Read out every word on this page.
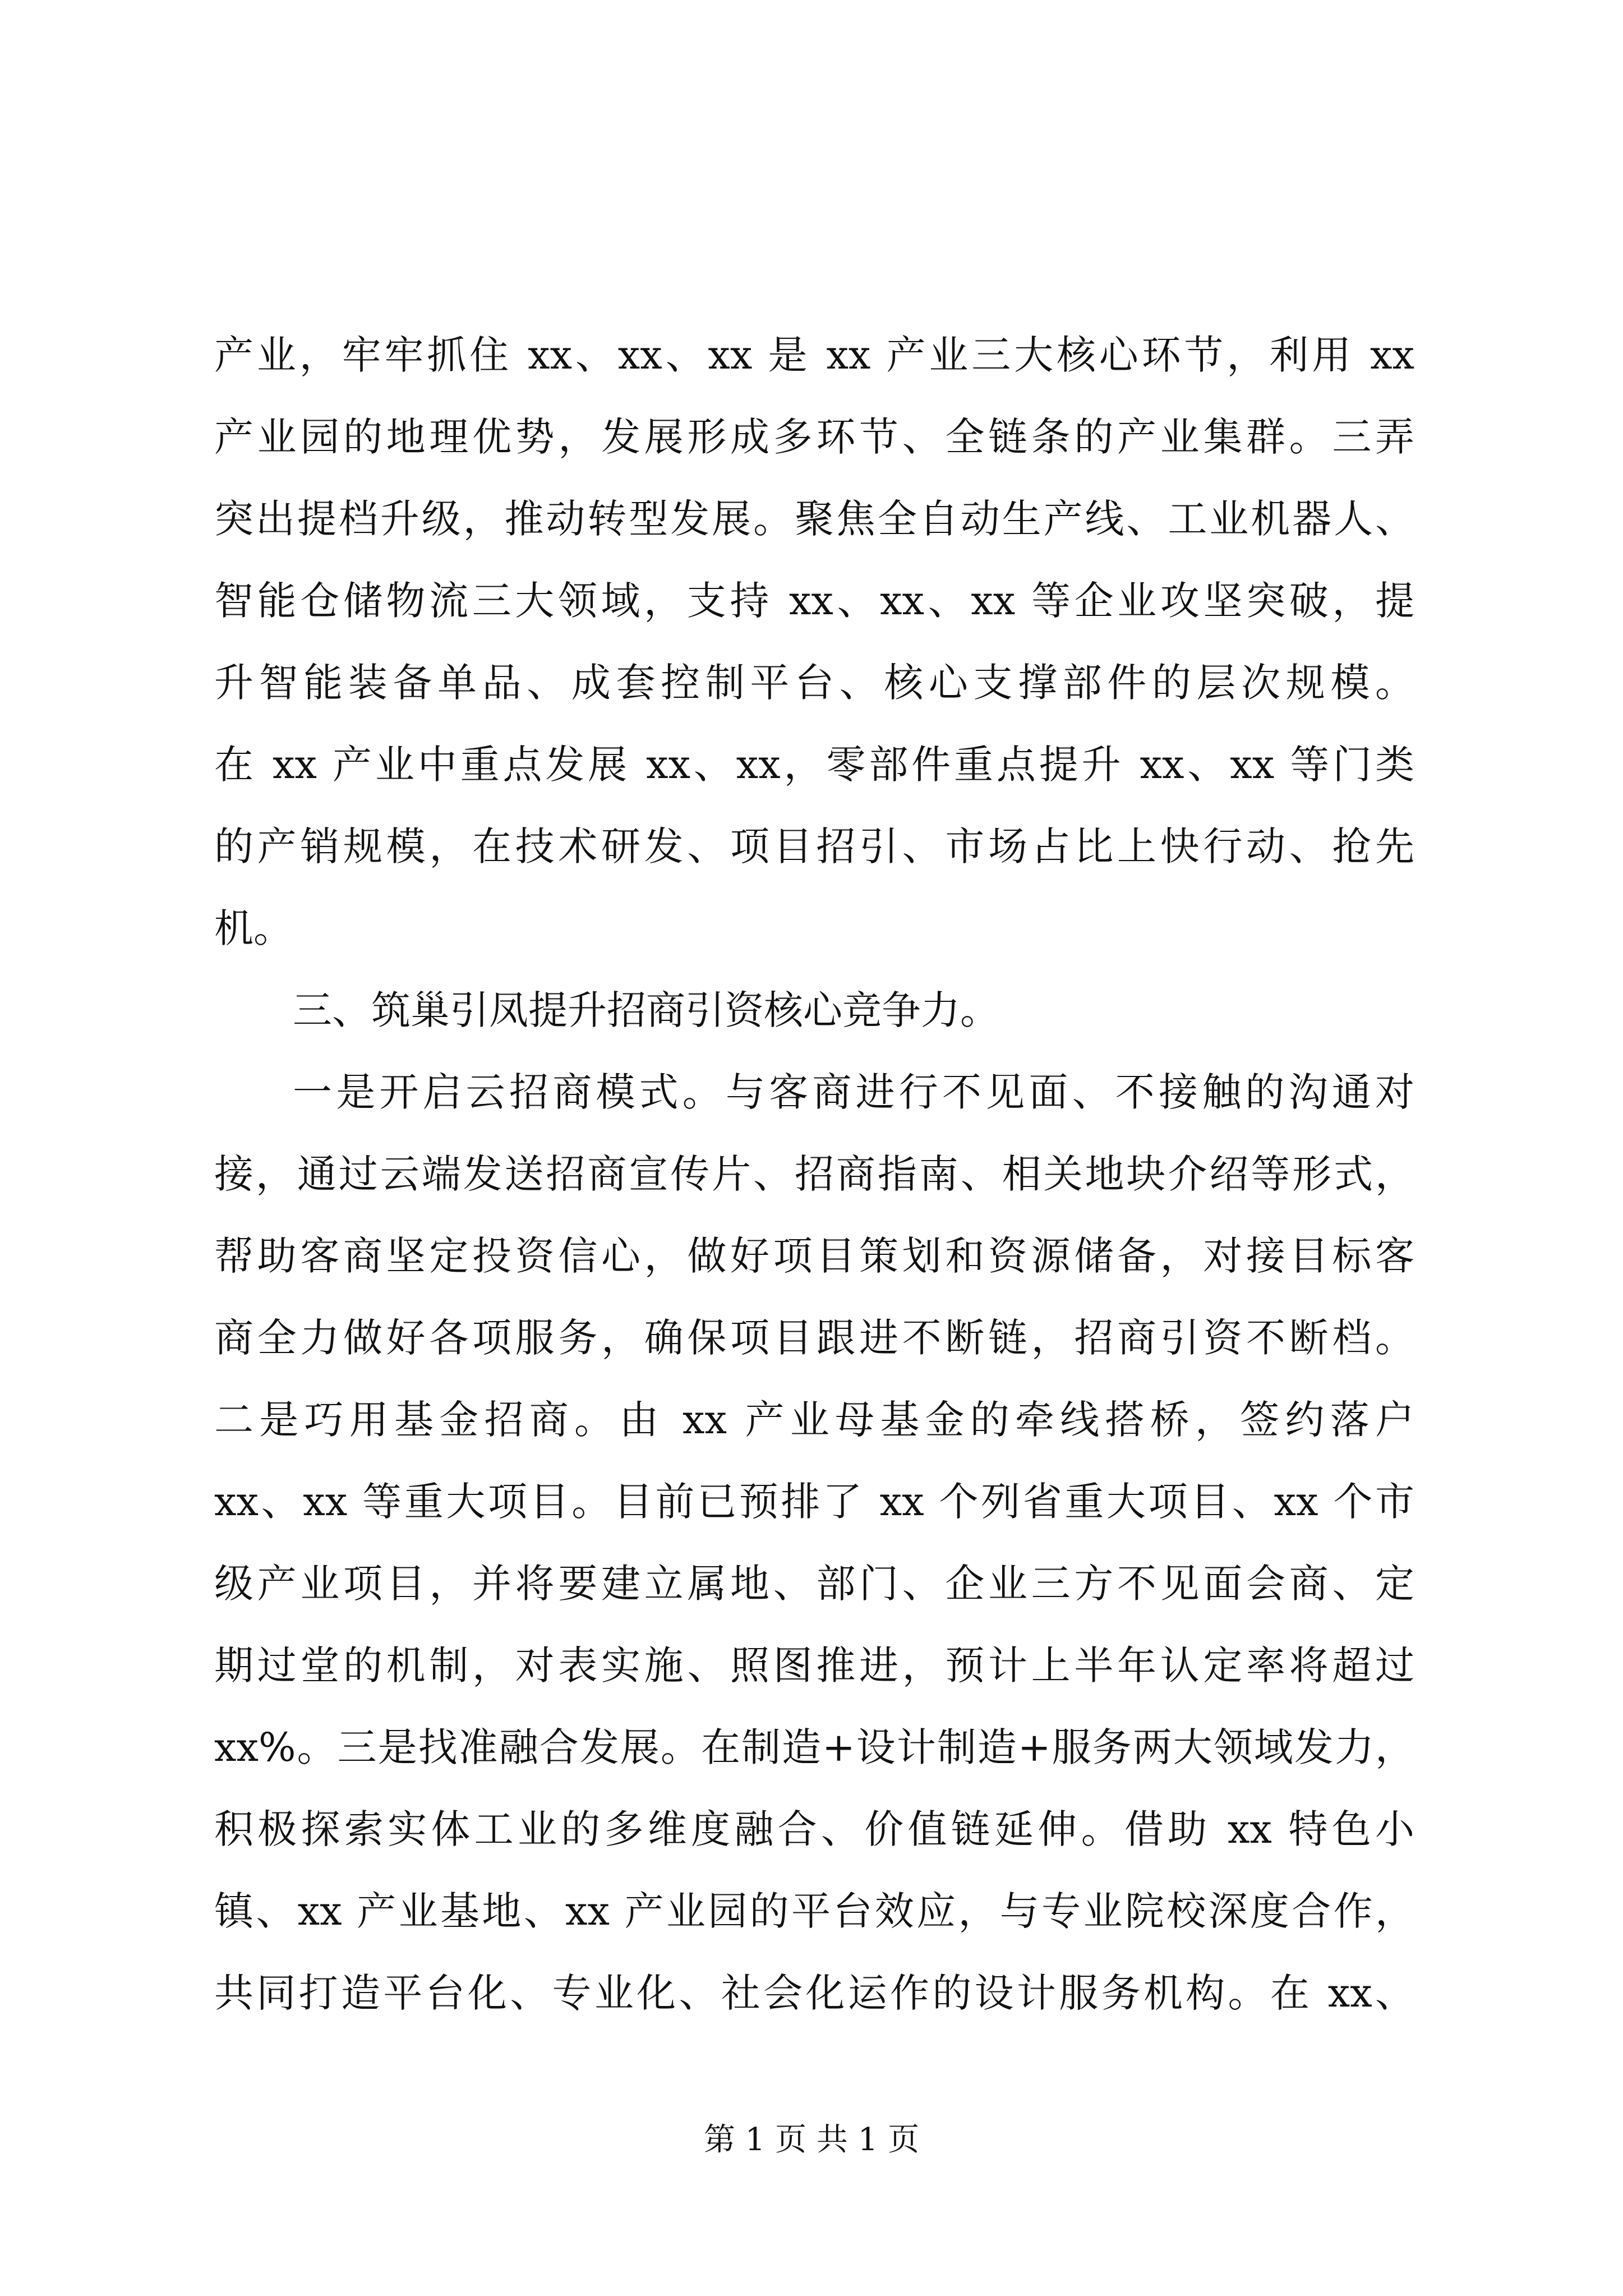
产业，牢牢抓住 xx、xx、xx 是 xx 产业三大核心环节，利用 xx
产业园的地理优势，发展形成多环节、全链条的产业集群。三弄
突出提档升级，推动转型发展。聚焦全自动生产线、工业机器人、
智能仓储物流三大领域，支持 xx、xx、xx 等企业攻坚突破，提
升智能装备单品、成套控制平台、核心支撑部件的层次规模。
在 xx 产业中重点发展 xx、xx，零部件重点提升 xx、xx 等门类
的产销规模，在技术研发、项目招引、市场占比上快行动、抢先
机。
三、筑巢引凤提升招商引资核心竞争力。
一是开启云招商模式。与客商进行不见面、不接触的沟通对
接，通过云端发送招商宣传片、招商指南、相关地块介绍等形式，
帮助客商坚定投资信心，做好项目策划和资源储备，对接目标客
商全力做好各项服务，确保项目跟进不断链，招商引资不断档。
二是巧用基金招商。由 xx 产业母基金的牵线搭桥，签约落户
xx、xx 等重大项目。目前已预排了 xx 个列省重大项目、xx 个市
级产业项目，并将要建立属地、部门、企业三方不见面会商、定
期过堂的机制，对表实施、照图推进，预计上半年认定率将超过
xx%。三是找准融合发展。在制造+设计制造+服务两大领域发力，
积极探索实体工业的多维度融合、价值链延伸。借助 xx 特色小
镇、xx 产业基地、xx 产业园的平台效应，与专业院校深度合作，
共同打造平台化、专业化、社会化运作的设计服务机构。在 xx、
第 1 页 共 1 页
